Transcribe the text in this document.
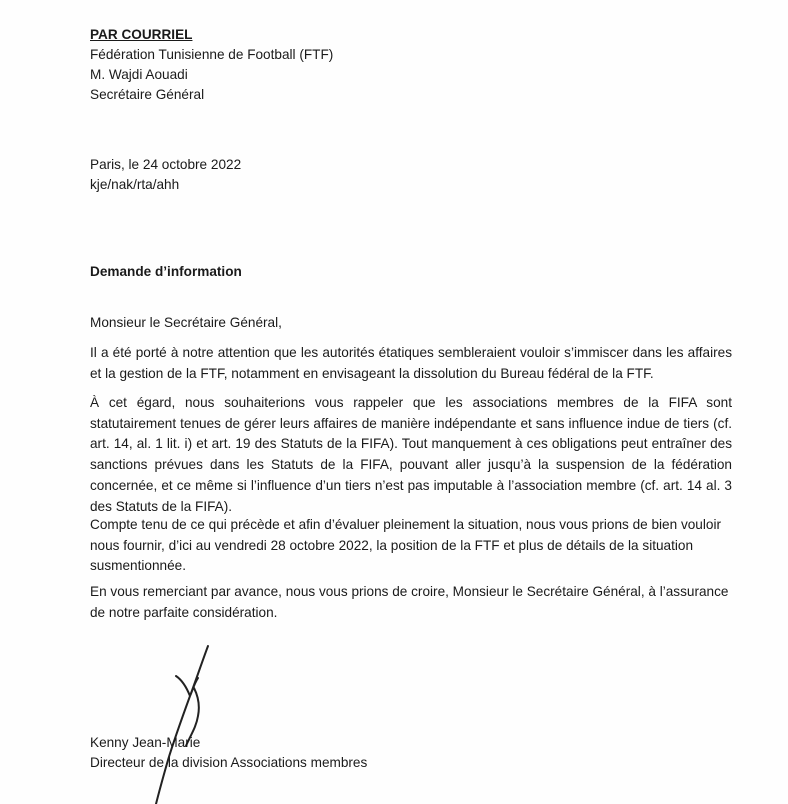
PAR COURRIEL
Fédération Tunisienne de Football (FTF)
M. Wajdi Aouadi
Secrétaire Général
Paris, le 24 octobre 2022
kje/nak/rta/ahh
Demande d’information
Monsieur le Secrétaire Général,
Il a été porté à notre attention que les autorités étatiques sembleraient vouloir s’immiscer dans les affaires et la gestion de la FTF, notamment en envisageant la dissolution du Bureau fédéral de la FTF.
À cet égard, nous souhaiterions vous rappeler que les associations membres de la FIFA sont statutairement tenues de gérer leurs affaires de manière indépendante et sans influence indue de tiers (cf. art. 14, al. 1 lit. i) et art. 19 des Statuts de la FIFA). Tout manquement à ces obligations peut entraîner des sanctions prévues dans les Statuts de la FIFA, pouvant aller jusqu’à la suspension de la fédération concernée, et ce même si l’influence d’un tiers n’est pas imputable à l’association membre (cf. art. 14 al. 3 des Statuts de la FIFA).
Compte tenu de ce qui précède et afin d’évaluer pleinement la situation, nous vous prions de bien vouloir nous fournir, d’ici au vendredi 28 octobre 2022, la position de la FTF et plus de détails de la situation susmentionnée.
En vous remerciant par avance, nous vous prions de croire, Monsieur le Secrétaire Général, à l’assurance de notre parfaite considération.
Kenny Jean-Marie
Directeur de la division Associations membres
